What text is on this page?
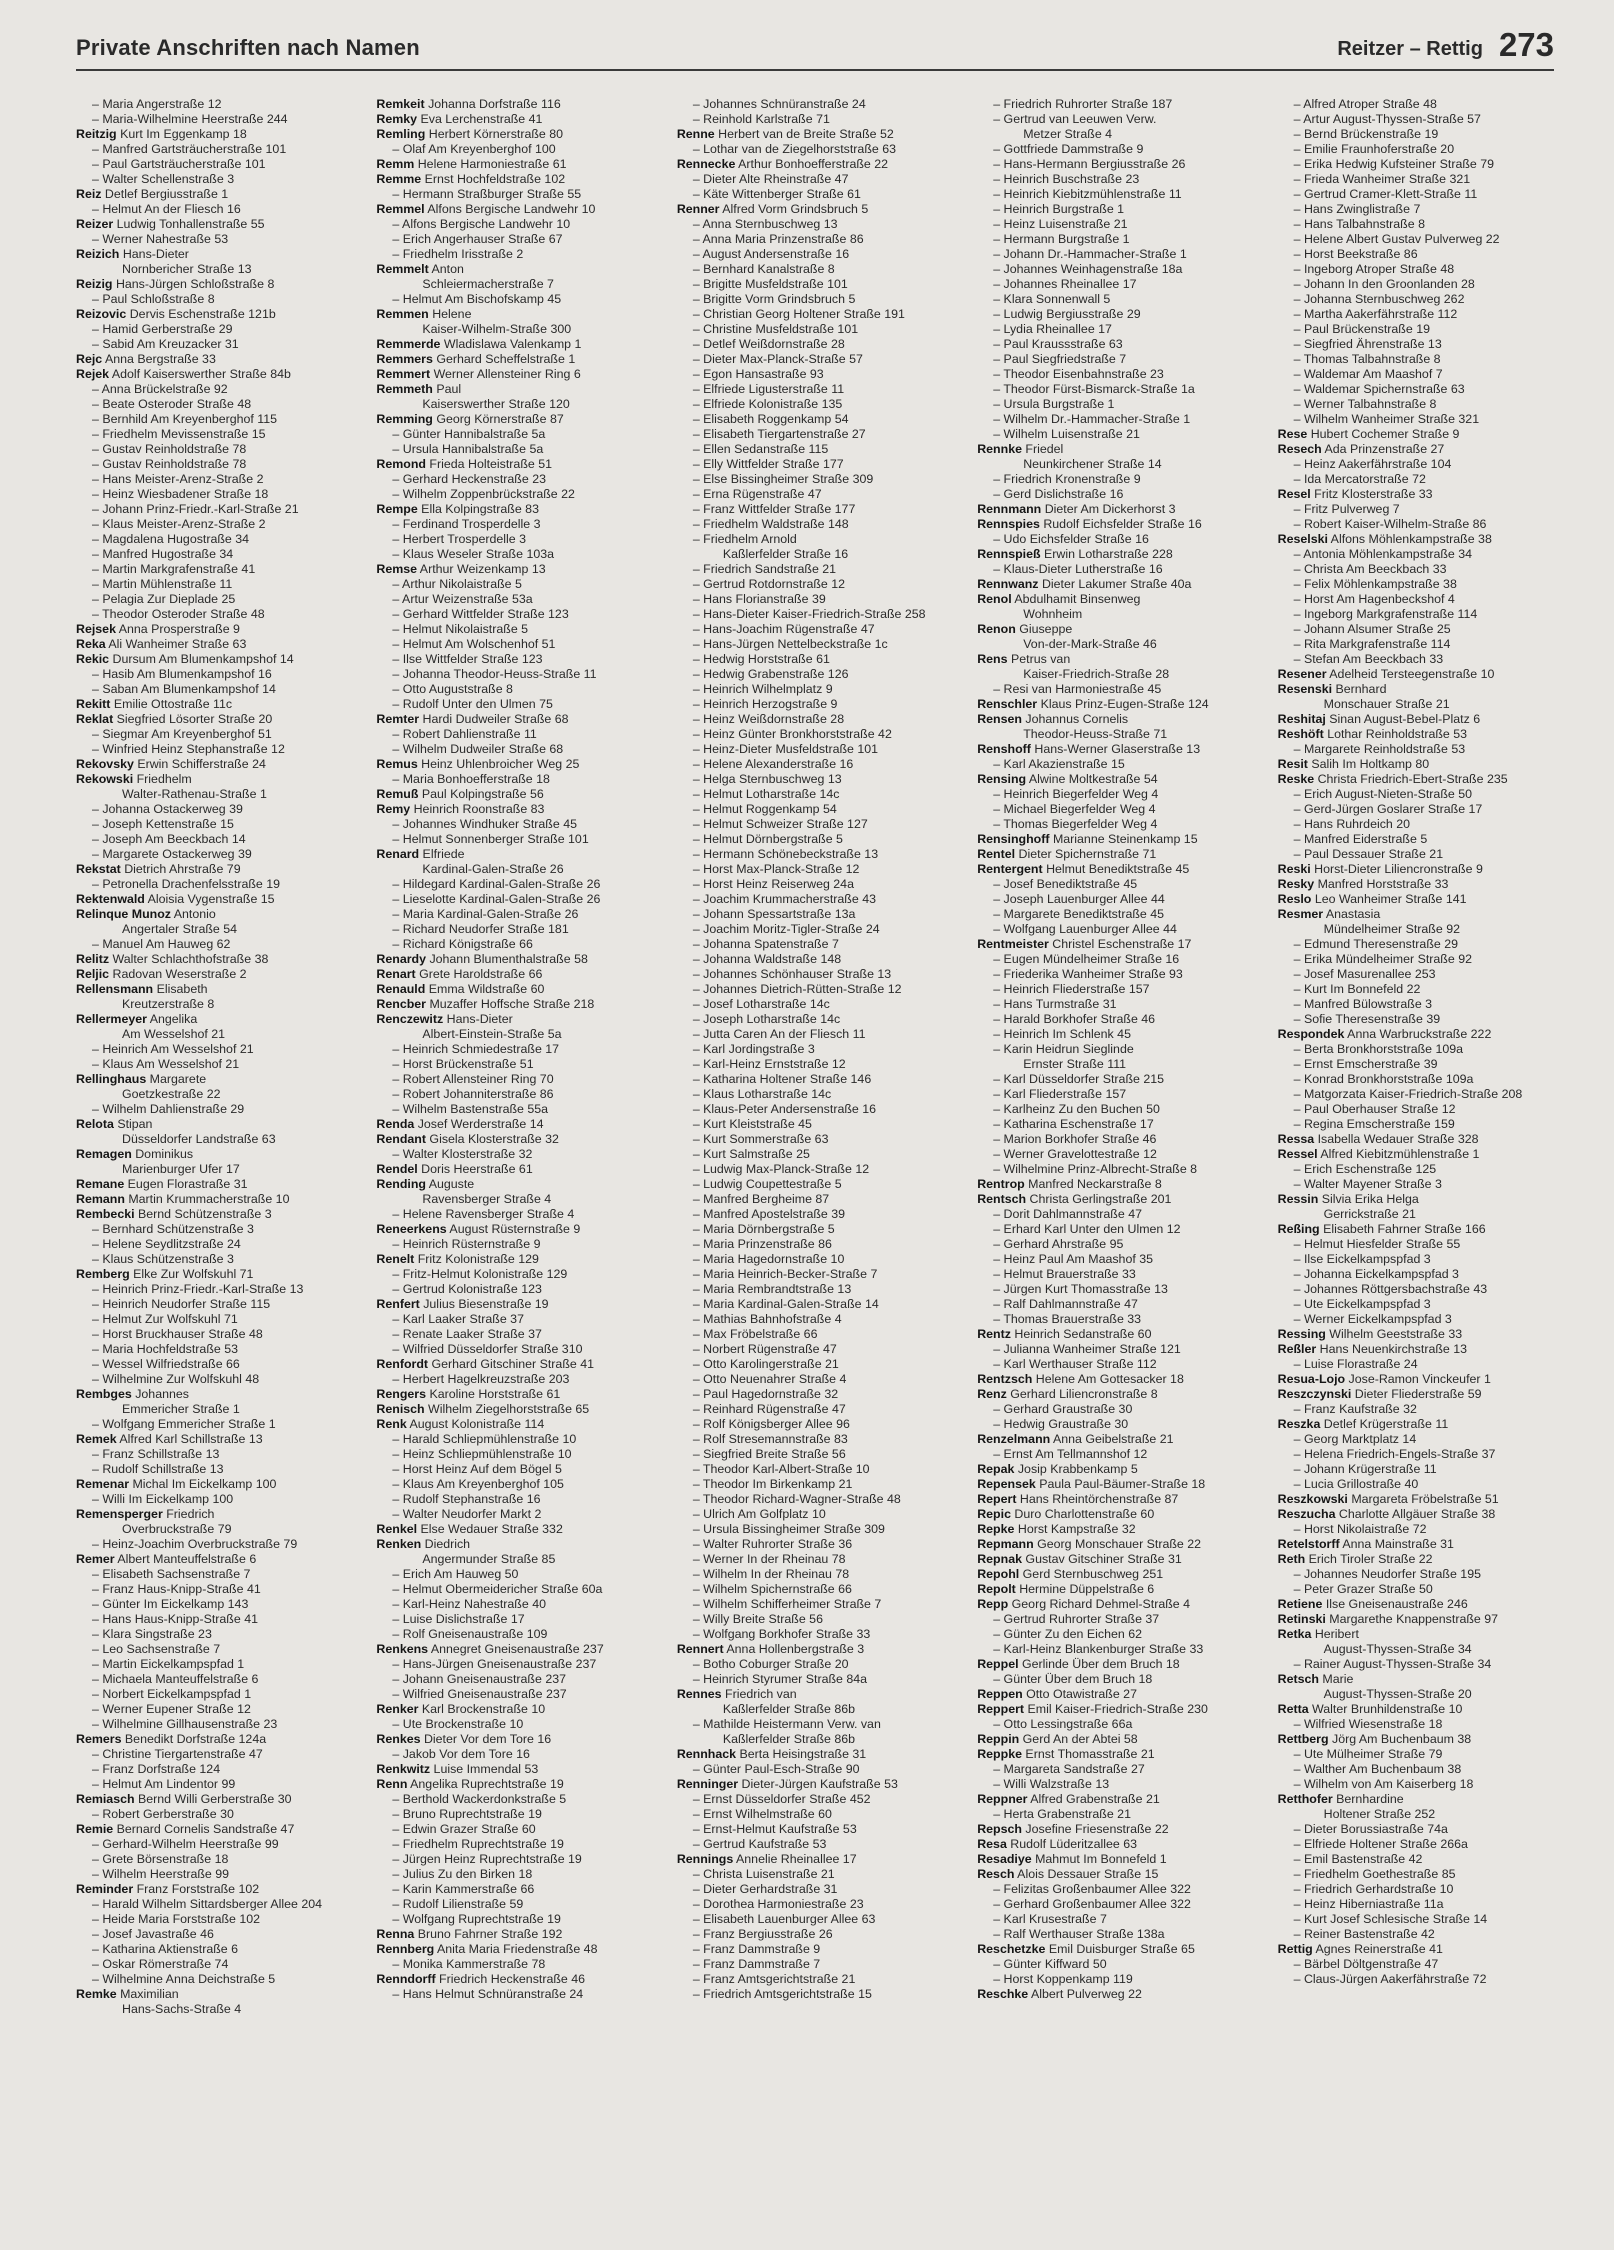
Private Anschriften nach Namen	Reitzer – Rettig 273
– Maria Angerstraße 12
– Maria-Wilhelmine Heerstraße 244
Reitzig Kurt Im Eggenkamp 18
– Manfred Gartsträucherstraße 101
– Paul Gartsträucherstraße 101
– Walter Schellenstraße 3
Reiz Detlef Bergiusstraße 1
– Helmut An der Fliesch 16
Reizer Ludwig Tonhallenstraße 55
– Werner Nahestraße 53
Reizich Hans-Dieter
Nornbericher Straße 13
Reizig Hans-Jürgen Schloßstraße 8
– Paul Schloßstraße 8
Reizovic Dervis Eschenstraße 121b
– Hamid Gerberstraße 29
– Sabid Am Kreuzacker 31
Rejc Anna Bergstraße 33
Rejek Adolf Kaiserswerther Straße 84b
– Anna Brückelstraße 92
– Beate Osteroder Straße 48
– Bernhild Am Kreyenberghof 115
– Friedhelm Mevissenstraße 15
– Gustav Reinholdstraße 78
– Gustav Reinholdstraße 78
– Hans Meister-Arenz-Straße 2
– Heinz Wiesbadener Straße 18
– Johann Prinz-Friedr.-Karl-Straße 21
– Klaus Meister-Arenz-Straße 2
– Magdalena Hugostraße 34
– Manfred Hugostraße 34
– Martin Markgrafenstraße 41
– Martin Mühlenstraße 11
– Pelagia Zur Dieplade 25
– Theodor Osteroder Straße 48
Rejsek Anna Prosperstraße 9
Reka Ali Wanheimer Straße 63
Rekic Dursum Am Blumenkampshof 14
– Hasib Am Blumenkampshof 16
– Saban Am Blumenkampshof 14
Rekitt Emilie Ottostraße 11c
Reklat Siegfried Lösorter Straße 20
– Siegmar Am Kreyenberghof 51
– Winfried Heinz Stephanstraße 12
Rekovsky Erwin Schifferstraße 24
Rekowski Friedhelm
Walter-Rathenau-Straße 1
– Johanna Ostackerweg 39
– Joseph Kettenstraße 15
– Joseph Am Beeckbach 14
– Margarete Ostackerweg 39
Rekstat Dietrich Ahrstraße 79
– Petronella Drachenfelsstraße 19
Rektenwald Aloisia Vygenstraße 15
Relinque Munoz Antonio
Angertaler Straße 54
– Manuel Am Hauweg 62
Relitz Walter Schlachthofstraße 38
Reljic Radovan Weserstraße 2
Rellensmann Elisabeth
Kreutzerstraße 8
Rellermeyer Angelika
Am Wesselshof 21
– Heinrich Am Wesselshof 21
– Klaus Am Wesselshof 21
Rellinghaus Margarete
Goetzkestraße 22
– Wilhelm Dahlienstraße 29
Relota Stipan
Düsseldorfer Landstraße 63
Remagen Dominikus
Marienburger Ufer 17
Remane Eugen Florastraße 31
Remann Martin Krummacherstraße 10
Rembecki Bernd Schützenstraße 3
– Bernhard Schützenstraße 3
– Helene Seydlitzstraße 24
– Klaus Schützenstraße 3
Remberg Elke Zur Wolfskuhl 71
– Heinrich Prinz-Friedr.-Karl-Straße 13
– Heinrich Neudorfer Straße 115
– Helmut Zur Wolfskuhl 71
– Horst Bruckhauser Straße 48
– Maria Hochfeldstraße 53
– Wessel Wilfriedstraße 66
– Wilhelmine Zur Wolfskuhl 48
Rembges Johannes
Emmericher Straße 1
– Wolfgang Emmericher Straße 1
Remek Alfred Karl Schillstraße 13
– Franz Schillstraße 13
– Rudolf Schillstraße 13
Remenar Michal Im Eickelkamp 100
– Willi Im Eickelkamp 100
Remensperger Friedrich
Overbruckstraße 79
– Heinz-Joachim Overbruckstraße 79
Remer Albert Manteuffelstraße 6
– Elisabeth Sachsenstraße 7
– Franz Haus-Knipp-Straße 41
– Günter Im Eickelkamp 143
– Hans Haus-Knipp-Straße 41
– Klara Singstraße 23
– Leo Sachsenstraße 7
– Martin Eickelkampspfad 1
– Michaela Manteuffelstraße 6
– Norbert Eickelkampspfad 1
– Werner Eupener Straße 12
– Wilhelmine Gillhausenstraße 23
Remers Benedikt Dorfstraße 124a
– Christine Tiergartenstraße 47
– Franz Dorfstraße 124
– Helmut Am Lindentor 99
Remiasch Bernd Willi Gerberstraße 30
– Robert Gerberstraße 30
Remie Bernard Cornelis Sandstraße 47
– Gerhard-Wilhelm Heerstraße 99
– Grete Börsenstraße 18
– Wilhelm Heerstraße 99
Reminder Franz Forststraße 102
– Harald Wilhelm Sittardsberger Allee 204
– Heide Maria Forststraße 102
– Josef Javastraße 46
– Katharina Aktienstraße 6
– Oskar Römerstraße 74
– Wilhelmine Anna Deichstraße 5
Remke Maximilian
Hans-Sachs-Straße 4
Remkeit Johanna Dorfstraße 116
Remky Eva Lerchenstraße 41
Remling Herbert Körnerstraße 80
– Olaf Am Kreyenberghof 100
Remm Helene Harmoniestraße 61
Remme Ernst Hochfeldstraße 102
– Hermann Straßburger Straße 55
Remmel Alfons Bergische Landwehr 10
– Alfons Bergische Landwehr 10
– Erich Angerhauser Straße 67
– Friedhelm Irisstraße 2
Remmelt Anton
Schleiermacherstraße 7
– Helmut Am Bischofskamp 45
Remmen Helene
Kaiser-Wilhelm-Straße 300
Remmerde Wladislawa Valenkamp 1
Remmers Gerhard Scheffelstraße 1
Remmert Werner Allensteiner Ring 6
Remmeth Paul
Kaiserswerther Straße 120
Remming Georg Körnerstraße 87
– Günter Hannibalstraße 5a
– Ursula Hannibalstraße 5a
Remond Frieda Holteistraße 51
– Gerhard Heckenstraße 23
– Wilhelm Zoppenbrückstraße 22
Rempe Ella Kolpingstraße 83
– Ferdinand Trosperdelle 3
– Herbert Trosperdelle 3
– Klaus Weseler Straße 103a
Remse Arthur Weizenkamp 13
– Arthur Nikolaistraße 5
– Artur Weizenstraße 53a
– Gerhard Wittfelder Straße 123
– Helmut Nikolaistraße 5
– Helmut Am Wolschenhof 51
– Ilse Wittfelder Straße 123
– Johanna Theodor-Heuss-Straße 11
– Otto Auguststraße 8
– Rudolf Unter den Ulmen 75
Remter Hardi Dudweiler Straße 68
– Robert Dahlienstraße 11
– Wilhelm Dudweiler Straße 68
Remus Heinz Uhlenbroicher Weg 25
– Maria Bonhoefferstraße 18
Remuß Paul Kolpingstraße 56
Remy Heinrich Roonstraße 83
– Johannes Windhuker Straße 45
– Helmut Sonnenberger Straße 101
Renard Elfriede
Kardinal-Galen-Straße 26
– Hildegard Kardinal-Galen-Straße 26
– Lieselotte Kardinal-Galen-Straße 26
– Maria Kardinal-Galen-Straße 26
– Richard Neudorfer Straße 181
– Richard Königstraße 66
Renardy Johann Blumenthalstraße 58
Renart Grete Haroldstraße 66
Renauld Emma Wildstraße 60
Rencber Muzaffer Hoffsche Straße 218
Renczewitz Hans-Dieter
Albert-Einstein-Straße 5a
– Heinrich Schmiedestraße 17
– Horst Brückenstraße 51
– Robert Allensteiner Ring 70
– Robert Johanniterstraße 86
– Wilhelm Bastenstraße 55a
Renda Josef Werderstraße 14
Rendant Gisela Klosterstraße 32
– Walter Klosterstraße 32
Rendel Doris Heerstraße 61
Rending Auguste
Ravensberger Straße 4
– Helene Ravensberger Straße 4
Reneerkens August Rüsternstraße 9
– Heinrich Rüsternstraße 9
Renelt Fritz Kolonistraße 129
– Fritz-Helmut Kolonistraße 129
– Gertrud Kolonistraße 123
Renfert Julius Biesenstraße 19
– Karl Laaker Straße 37
– Renate Laaker Straße 37
– Wilfried Düsseldorfer Straße 310
Renfordt Gerhard Gitschiner Straße 41
– Herbert Hagelkreuzstraße 203
Rengers Karoline Horststraße 61
Renisch Wilhelm Ziegelhorststraße 65
Renk August Kolonistraße 114
– Harald Schliepmühlenstraße 10
– Heinz Schliepmühlenstraße 10
– Horst Heinz Auf dem Bögel 5
– Klaus Am Kreyenberghof 105
– Rudolf Stephanstraße 16
– Walter Neudorfer Markt 2
Renkel Else Wedauer Straße 332
Renken Diedrich
Angermunder Straße 85
– Erich Am Hauweg 50
– Helmut Obermeidericher Straße 60a
– Karl-Heinz Nahestraße 40
– Luise Dislichstraße 17
– Rolf Gneisenaustraße 109
Renkens Annegret Gneisenaustraße 237
– Hans-Jürgen Gneisenaustraße 237
– Johann Gneisenaustraße 237
– Wilfried Gneisenaustraße 237
Renker Karl Brockenstraße 10
– Ute Brockenstraße 10
Renkes Dieter Vor dem Tore 16
– Jakob Vor dem Tore 16
Renkwitz Luise Immendal 53
Renn Angelika Ruprechtstraße 19
– Berthold Wackerdonkstraße 5
– Bruno Ruprechtstraße 19
– Edwin Grazer Straße 60
– Friedhelm Ruprechtstraße 19
– Jürgen Heinz Ruprechtstraße 19
– Julius Zu den Birken 18
– Karin Kammerstraße 66
– Rudolf Lilienstraße 59
– Wolfgang Ruprechtstraße 19
Renna Bruno Fahrner Straße 192
Rennberg Anita Maria Friedenstraße 48
– Monika Kammerstraße 78
Renndorff Friedrich Heckenstraße 46
– Hans Helmut Schnüranstraße 24
– Johannes Schnüranstraße 24
– Reinhold Karlstraße 71
Renne Herbert van de Breite Straße 52
– Lothar van de Ziegelhorststraße 63
Rennecke Arthur Bonhoefferstraße 22
– Dieter Alte Rheinstraße 47
– Käte Wittenberger Straße 61
Renner Alfred Vorm Grindsbruch 5
– Anna Sternbuschweg 13
– Anna Maria Prinzenstraße 86
– August Andersenstraße 16
– Bernhard Kanalstraße 8
– Brigitte Musfeldstraße 101
– Brigitte Vorm Grindsbruch 5
– Christian Georg Holtener Straße 191
– Christine Musfeldstraße 101
– Detlef Weißdornstraße 28
– Dieter Max-Planck-Straße 57
– Egon Hansastraße 93
– Elfriede Ligusterstraße 11
– Elfriede Kolonistraße 135
– Elisabeth Roggenkamp 54
– Elisabeth Tiergartenstraße 27
– Ellen Sedanstraße 115
– Elly Wittfelder Straße 177
– Else Bissingheimer Straße 309
– Erna Rügenstraße 47
– Franz Wittfelder Straße 177
– Friedhelm Waldstraße 148
– Friedhelm Arnold
Kaßlerfelder Straße 16
– Friedrich Sandstraße 21
– Gertrud Rotdornstraße 12
– Hans Florianstraße 39
– Hans-Dieter Kaiser-Friedrich-Straße 258
– Hans-Joachim Rügenstraße 47
– Hans-Jürgen Nettelbeckstraße 1c
– Hedwig Horststraße 61
– Hedwig Grabenstraße 126
– Heinrich Wilhelmplatz 9
– Heinrich Herzogstraße 9
– Heinz Weißdornstraße 28
– Heinz Günter Bronkhorststraße 42
– Heinz-Dieter Musfeldstraße 101
– Helene Alexanderstraße 16
– Helga Sternbuschweg 13
– Helmut Lotharstraße 14c
– Helmut Roggenkamp 54
– Helmut Schweizer Straße 127
– Helmut Dörnbergstraße 5
– Hermann Schönebeckstraße 13
– Horst Max-Planck-Straße 12
– Horst Heinz Reiserweg 24a
– Joachim Krummacherstraße 43
– Johann Spessartstraße 13a
– Joachim Moritz-Tigler-Straße 24
– Johanna Spatenstraße 7
– Johanna Waldstraße 148
– Johannes Schönhauser Straße 13
– Johannes Dietrich-Rütten-Straße 12
– Josef Lotharstraße 14c
– Joseph Lotharstraße 14c
– Jutta Caren An der Fliesch 11
– Karl Jordingstraße 3
– Karl-Heinz Ernststraße 12
– Katharina Holtener Straße 146
– Klaus Lotharstraße 14c
– Klaus-Peter Andersenstraße 16
– Kurt Kleiststraße 45
– Kurt Sommerstraße 63
– Kurt Salmstraße 25
– Ludwig Max-Planck-Straße 12
– Ludwig Coupettestraße 5
– Manfred Bergheime 87
– Manfred Apostelstraße 39
– Maria Dörnbergstraße 5
– Maria Prinzenstraße 86
– Maria Hagedornstraße 10
– Maria Heinrich-Becker-Straße 7
– Maria Rembrandtstraße 13
– Maria Kardinal-Galen-Straße 14
– Mathias Bahnhofstraße 4
– Max Fröbelstraße 66
– Norbert Rügenstraße 47
– Otto Karolingerstraße 21
– Otto Neuenahrer Straße 4
– Paul Hagedornstraße 32
– Reinhard Rügenstraße 47
– Rolf Königsberger Allee 96
– Rolf Stresemannstraße 83
– Siegfried Breite Straße 56
– Theodor Karl-Albert-Straße 10
– Theodor Im Birkenkamp 21
– Theodor Richard-Wagner-Straße 48
– Ulrich Am Golfplatz 10
– Ursula Bissingheimer Straße 309
– Walter Ruhrorter Straße 36
– Werner In der Rheinau 78
– Wilhelm In der Rheinau 78
– Wilhelm Spichernstraße 66
– Wilhelm Schifferheimer Straße 7
– Willy Breite Straße 56
– Wolfgang Borkhofer Straße 33
Rennert Anna Hollenbergstraße 3
– Botho Coburger Straße 20
– Heinrich Styrumer Straße 84a
Rennes Friedrich van
Kaßlerfelder Straße 86b
– Mathilde Heistermann Verw. van
Kaßlerfelder Straße 86b
Rennhack Berta Heisingstraße 31
– Günter Paul-Esch-Straße 90
Renninger Dieter-Jürgen Kaufstraße 53
– Ernst Düsseldorfer Straße 452
– Ernst Wilhelmstraße 60
– Ernst-Helmut Kaufstraße 53
– Gertrud Kaufstraße 53
Rennings Annelie Rheinallee 17
– Christa Luisenstraße 21
– Dieter Gerhardstraße 31
– Dorothea Harmoniestraße 23
– Elisabeth Lauenburger Allee 63
– Franz Bergiusstraße 26
– Franz Dammstraße 9
– Franz Dammstraße 7
– Franz Amtsgerichtstraße 21
– Friedrich Amtsgerichtstraße 15
– Friedrich Ruhrorter Straße 187
– Gertrud van Leeuwen Verw.
Metzer Straße 4
– Gottfriede Dammstraße 9
– Hans-Hermann Bergiusstraße 26
– Heinrich Buschstraße 23
– Heinrich Kiebitzmühlenstraße 11
– Heinrich Burgstraße 1
– Heinz Luisenstraße 21
– Hermann Burgstraße 1
– Johann Dr.-Hammacher-Straße 1
– Johannes Weinhagenstraße 18a
– Johannes Rheinallee 17
– Klara Sonnenwall 5
– Ludwig Bergiusstraße 29
– Lydia Rheinallee 17
– Paul Kraussstraße 63
– Paul Siegfriedstraße 7
– Theodor Eisenbahnstraße 23
– Theodor Fürst-Bismarck-Straße 1a
– Ursula Burgstraße 1
– Wilhelm Dr.-Hammacher-Straße 1
– Wilhelm Luisenstraße 21
Rennke Friedel
Neunkirchener Straße 14
– Friedrich Kronenstraße 9
– Gerd Dislichstraße 16
Rennmann Dieter Am Dickerhorst 3
Rennspies Rudolf Eichsfelder Straße 16
– Udo Eichsfelder Straße 16
Rennspieß Erwin Lotharstraße 228
– Klaus-Dieter Lutherstraße 16
Rennwanz Dieter Lakumer Straße 40a
Renol Abdulhamit Binsenweg
Wohnheim
Renon Giuseppe
Von-der-Mark-Straße 46
Rens Petrus van
Kaiser-Friedrich-Straße 28
– Resi van Harmoniestraße 45
Renschler Klaus Prinz-Eugen-Straße 124
Rensen Johannus Cornelis
Theodor-Heuss-Straße 71
Renshoff Hans-Werner Glaserstraße 13
– Karl Akazienstraße 15
Rensing Alwine Moltkestraße 54
– Heinrich Biegerfelder Weg 4
– Michael Biegerfelder Weg 4
– Thomas Biegerfelder Weg 4
Rensinghoff Marianne Steinenkamp 15
Rentel Dieter Spichernstraße 71
Rentergent Helmut Benediktstraße 45
– Josef Benediktstraße 45
– Joseph Lauenburger Allee 44
– Margarete Benediktstraße 45
– Wolfgang Lauenburger Allee 44
Rentmeister Christel Eschenstraße 17
– Eugen Mündelheimer Straße 16
– Friederika Wanheimer Straße 93
– Heinrich Fliederstraße 157
– Hans Turmstraße 31
– Harald Borkhofer Straße 46
– Heinrich Im Schlenk 45
– Karin Heidrun Sieglinde
Ernster Straße 111
– Karl Düsseldorfer Straße 215
– Karl Fliederstraße 157
– Karlheinz Zu den Buchen 50
– Katharina Eschenstraße 17
– Marion Borkhofer Straße 46
– Werner Gravelottestraße 12
– Wilhelmine Prinz-Albrecht-Straße 8
Rentrop Manfred Neckarstraße 8
Rentsch Christa Gerlingstraße 201
– Dorit Dahlmannstraße 47
– Erhard Karl Unter den Ulmen 12
– Gerhard Ahrstraße 95
– Heinz Paul Am Maashof 35
– Helmut Brauerstraße 33
– Jürgen Kurt Thomasstraße 13
– Ralf Dahlmannstraße 47
– Thomas Brauerstraße 33
Rentz Heinrich Sedanstraße 60
– Julianna Wanheimer Straße 121
– Karl Werthauser Straße 112
Rentzsch Helene Am Gottesacker 18
Renz Gerhard Liliencronstraße 8
– Gerhard Graustraße 30
– Hedwig Graustraße 30
Renzelmann Anna Geibelstraße 21
– Ernst Am Tellmannshof 12
Repak Josip Krabbenkamp 5
Repensek Paula Paul-Bäumer-Straße 18
Repert Hans Rheintörchenstraße 87
Repic Duro Charlottenstraße 60
Repke Horst Kampstraße 32
Repmann Georg Monschauer Straße 22
Repnak Gustav Gitschiner Straße 31
Repohl Gerd Sternbuschweg 251
Repolt Hermine Düppelstraße 6
Repp Georg Richard Dehmel-Straße 4
– Gertrud Ruhrorter Straße 37
– Günter Zu den Eichen 62
– Karl-Heinz Blankenburger Straße 33
Reppel Gerlinde Über dem Bruch 18
– Günter Über dem Bruch 18
Reppen Otto Otawistraße 27
Reppert Emil Kaiser-Friedrich-Straße 230
– Otto Lessingstraße 66a
Reppin Gerd An der Abtei 58
Reppke Ernst Thomasstraße 21
– Margareta Sandstraße 27
– Willi Walzstraße 13
Reppner Alfred Grabenstraße 21
– Herta Grabenstraße 21
Repsch Josefine Friesenstraße 22
Resa Rudolf Lüderitzallee 63
Resadiye Mahmut Im Bonnefeld 1
Resch Alois Dessauer Straße 15
– Felizitas Großenbaumer Allee 322
– Gerhard Großenbaumer Allee 322
– Karl Krusestraße 7
– Ralf Werthauser Straße 138a
Reschetzke Emil Duisburger Straße 65
– Günter Kiffward 50
– Horst Koppenkamp 119
Reschke Albert Pulverweg 22
– Alfred Atroper Straße 48
– Artur August-Thyssen-Straße 57
– Bernd Brückenstraße 19
– Emilie Fraunhoferstraße 20
– Erika Hedwig Kufsteiner Straße 79
– Frieda Wanheimer Straße 321
– Gertrud Cramer-Klett-Straße 11
– Hans Zwinglistraße 7
– Hans Talbahnstraße 8
– Helene Albert Gustav Pulverweg 22
– Horst Beekstraße 86
– Ingeborg Atroper Straße 48
– Johann In den Groonlanden 28
– Johanna Sternbuschweg 262
– Martha Aakerfährstraße 112
– Paul Brückenstraße 19
– Siegfried Ährenstraße 13
– Thomas Talbahnstraße 8
– Waldemar Am Maashof 7
– Waldemar Spichernstraße 63
– Werner Talbahnstraße 8
– Wilhelm Wanheimer Straße 321
Rese Hubert Cochemer Straße 9
Resech Ada Prinzenstraße 27
– Heinz Aakerfährstraße 104
– Ida Mercatorstraße 72
Resel Fritz Klosterstraße 33
– Fritz Pulverweg 7
– Robert Kaiser-Wilhelm-Straße 86
Reselski Alfons Möhlenkampstraße 38
– Antonia Möhlenkampstraße 34
– Christa Am Beeckbach 33
– Felix Möhlenkampstraße 38
– Horst Am Hagenbeckshof 4
– Ingeborg Markgrafenstraße 114
– Johann Alsumer Straße 25
– Rita Markgrafenstraße 114
– Stefan Am Beeckbach 33
Resener Adelheid Tersteegenstraße 10
Resenski Bernhard
Monschauer Straße 21
Reshitaj Sinan August-Bebel-Platz 6
Reshöft Lothar Reinholdstraße 53
– Margarete Reinholdstraße 53
Resit Salih Im Holtkamp 80
Reske Christa Friedrich-Ebert-Straße 235
– Erich August-Nieten-Straße 50
– Gerd-Jürgen Goslarer Straße 17
– Hans Ruhrdeich 20
– Manfred Eiderstraße 5
– Paul Dessauer Straße 21
Reski Horst-Dieter Liliencronstraße 9
Resky Manfred Horststraße 33
Reslo Leo Wanheimer Straße 141
Resmer Anastasia
Mündelheimer Straße 92
– Edmund Theresenstraße 29
– Erika Mündelheimer Straße 92
– Josef Masurenallee 253
– Kurt Im Bonnefeld 22
– Manfred Bülowstraße 3
– Sofie Theresenstraße 39
Respondek Anna Warbruckstraße 222
– Berta Bronkhorststraße 109a
– Ernst Emscherstraße 39
– Konrad Bronkhorststraße 109a
– Matgorzata Kaiser-Friedrich-Straße 208
– Paul Oberhauser Straße 12
– Regina Emscherstraße 159
Ressa Isabella Wedauer Straße 328
Ressel Alfred Kiebitzmühlenstraße 1
– Erich Eschenstraße 125
– Walter Mayener Straße 3
Ressin Silvia Erika Helga
Gerrickstraße 21
Reßing Elisabeth Fahrner Straße 166
– Helmut Hiesfelder Straße 55
– Ilse Eickelkampspfad 3
– Johanna Eickelkampspfad 3
– Johannes Röttgersbachstraße 43
– Ute Eickelkampspfad 3
– Werner Eickelkampspfad 3
Ressing Wilhelm Geeststraße 33
Reßler Hans Neuenkirchstraße 13
– Luise Florastraße 24
Resua-Lojo Jose-Ramon Vinckeufer 1
Reszczynski Dieter Fliederstraße 59
– Franz Kaufstraße 32
Reszka Detlef Krügerstraße 11
– Georg Marktplatz 14
– Helena Friedrich-Engels-Straße 37
– Johann Krügerstraße 11
– Lucia Grillostraße 40
Reszkowski Margareta Fröbelstraße 51
Reszucha Charlotte Allgäuer Straße 38
– Horst Nikolaistraße 72
Retelstorff Anna Mainstraße 31
Reth Erich Tiroler Straße 22
– Johannes Neudorfer Straße 195
– Peter Grazer Straße 50
Retiene Ilse Gneisenaustraße 246
Retinski Margarethe Knappenstraße 97
Retka Heribert
August-Thyssen-Straße 34
– Rainer August-Thyssen-Straße 34
Retsch Marie
August-Thyssen-Straße 20
Retta Walter Brunhildenstraße 10
– Wilfried Wiesenstraße 18
Rettberg Jörg Am Buchenbaum 38
– Ute Mülheimer Straße 79
– Walther Am Buchenbaum 38
– Wilhelm von Am Kaiserberg 18
Retthofer Bernhardine
Holtener Straße 252
– Dieter Borussiastraße 74a
– Elfriede Holtener Straße 266a
– Emil Bastenstraße 42
– Friedhelm Goethestraße 85
– Friedrich Gerhardstraße 10
– Heinz Hiberniastraße 11a
– Kurt Josef Schlesische Straße 14
– Reiner Bastenstraße 42
Rettig Agnes Reinerstraße 41
– Bärbel Döltgenstraße 47
– Claus-Jürgen Aakerfährstraße 72
